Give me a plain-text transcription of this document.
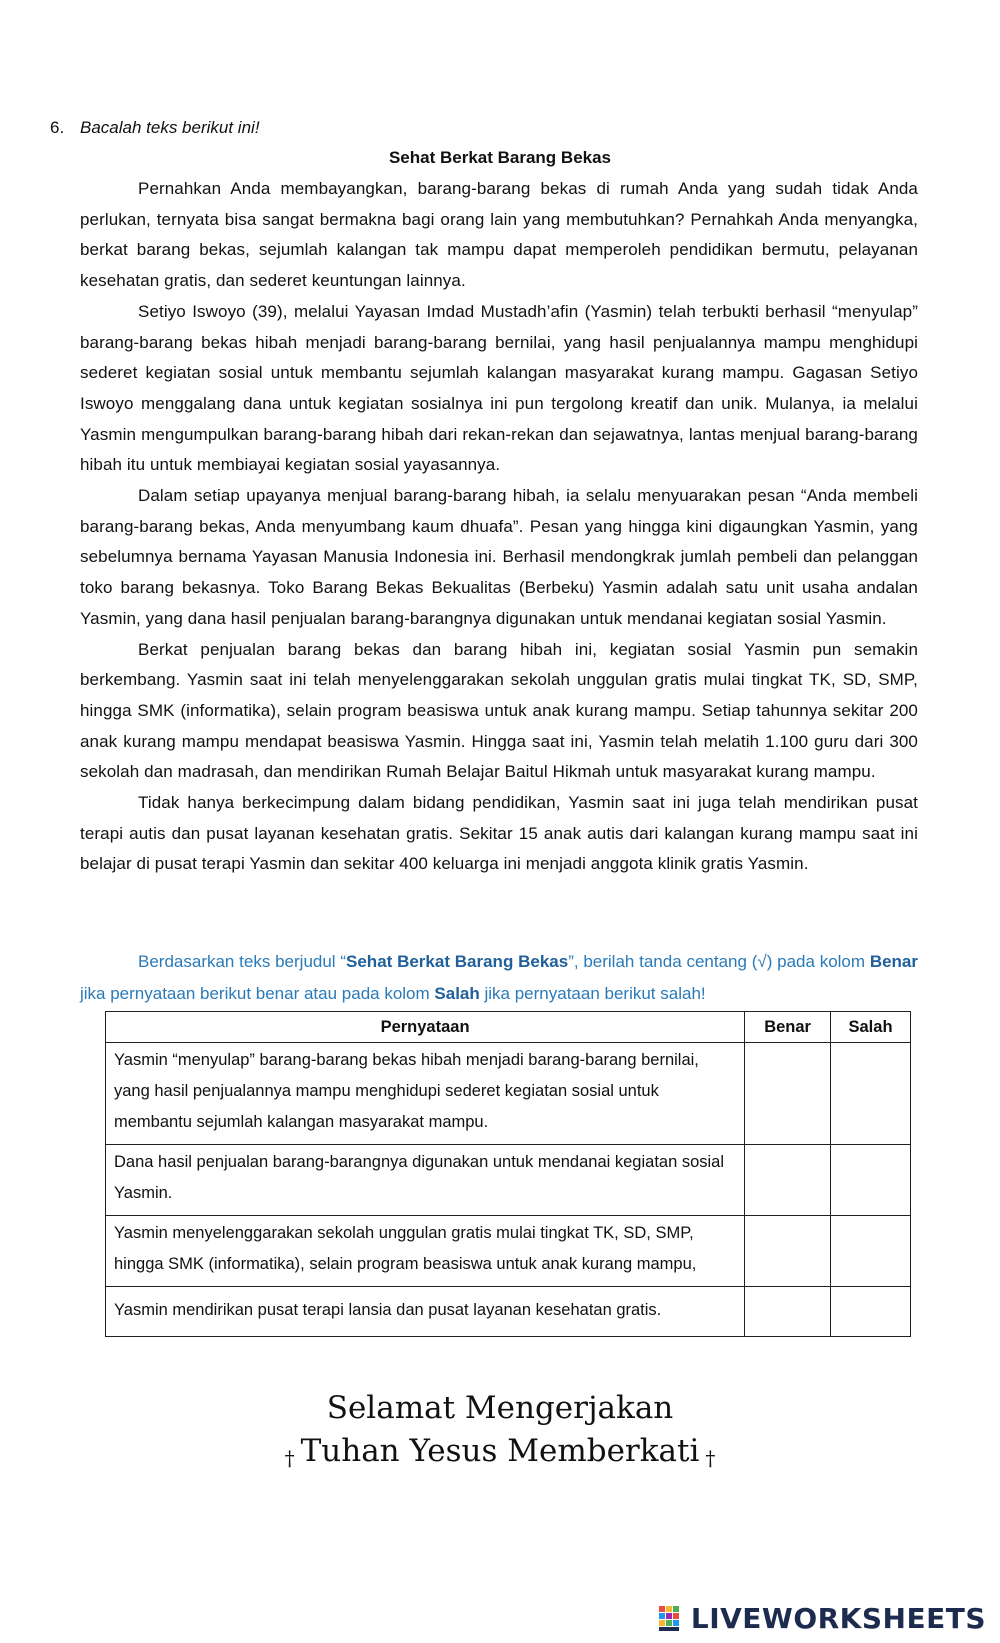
6. Bacalah teks berikut ini!
Sehat Berkat Barang Bekas

Pernahkan Anda membayangkan, barang-barang bekas di rumah Anda yang sudah tidak Anda perlukan, ternyata bisa sangat bermakna bagi orang lain yang membutuhkan? Pernahkah Anda menyangka, berkat barang bekas, sejumlah kalangan tak mampu dapat memperoleh pendidikan bermutu, pelayanan kesehatan gratis, dan sederet keuntungan lainnya.

Setiyo Iswoyo (39), melalui Yayasan Imdad Mustadh’afin (Yasmin) telah terbukti berhasil “menyulap” barang-barang bekas hibah menjadi barang-barang bernilai, yang hasil penjualannya mampu menghidupi sederet kegiatan sosial untuk membantu sejumlah kalangan masyarakat kurang mampu. Gagasan Setiyo Iswoyo menggalang dana untuk kegiatan sosialnya ini pun tergolong kreatif dan unik. Mulanya, ia melalui Yasmin mengumpulkan barang-barang hibah dari rekan-rekan dan sejawatnya, lantas menjual barang-barang hibah itu untuk membiayai kegiatan sosial yayasannya.

Dalam setiap upayanya menjual barang-barang hibah, ia selalu menyuarakan pesan “Anda membeli barang-barang bekas, Anda menyumbang kaum dhuafa”. Pesan yang hingga kini digaungkan Yasmin, yang sebelumnya bernama Yayasan Manusia Indonesia ini. Berhasil mendongkrak jumlah pembeli dan pelanggan toko barang bekasnya. Toko Barang Bekas Bekualitas (Berbeku) Yasmin adalah satu unit usaha andalan Yasmin, yang dana hasil penjualan barang-barangnya digunakan untuk mendanai kegiatan sosial Yasmin.

Berkat penjualan barang bekas dan barang hibah ini, kegiatan sosial Yasmin pun semakin berkembang. Yasmin saat ini telah menyelenggarakan sekolah unggulan gratis mulai tingkat TK, SD, SMP, hingga SMK (informatika), selain program beasiswa untuk anak kurang mampu. Setiap tahunnya sekitar 200 anak kurang mampu mendapat beasiswa Yasmin. Hingga saat ini, Yasmin telah melatih 1.100 guru dari 300 sekolah dan madrasah, dan mendirikan Rumah Belajar Baitul Hikmah untuk masyarakat kurang mampu.

Tidak hanya berkecimpung dalam bidang pendidikan, Yasmin saat ini juga telah mendirikan pusat terapi autis dan pusat layanan kesehatan gratis. Sekitar 15 anak autis dari kalangan kurang mampu saat ini belajar di pusat terapi Yasmin dan sekitar 400 keluarga ini menjadi anggota klinik gratis Yasmin.

Berdasarkan teks berjudul “Sehat Berkat Barang Bekas”, berilah tanda centang (√) pada kolom Benar jika pernyataan berikut benar atau pada kolom Salah jika pernyataan berikut salah!
Pernyataan	Benar	Salah
Yasmin “menyulap” barang-barang bekas hibah menjadi barang-barang bernilai, yang hasil penjualannya mampu menghidupi sederet kegiatan sosial untuk membantu sejumlah kalangan masyarakat mampu.		
Dana hasil penjualan barang-barangnya digunakan untuk mendanai kegiatan sosial Yasmin.		
Yasmin menyelenggarakan sekolah unggulan gratis mulai tingkat TK, SD, SMP, hingga SMK (informatika), selain program beasiswa untuk anak kurang mampu,		
Yasmin mendirikan pusat terapi lansia dan pusat layanan kesehatan gratis.		
Selamat Mengerjakan
† Tuhan Yesus Memberkati †
LIVEWORKSHEETS
